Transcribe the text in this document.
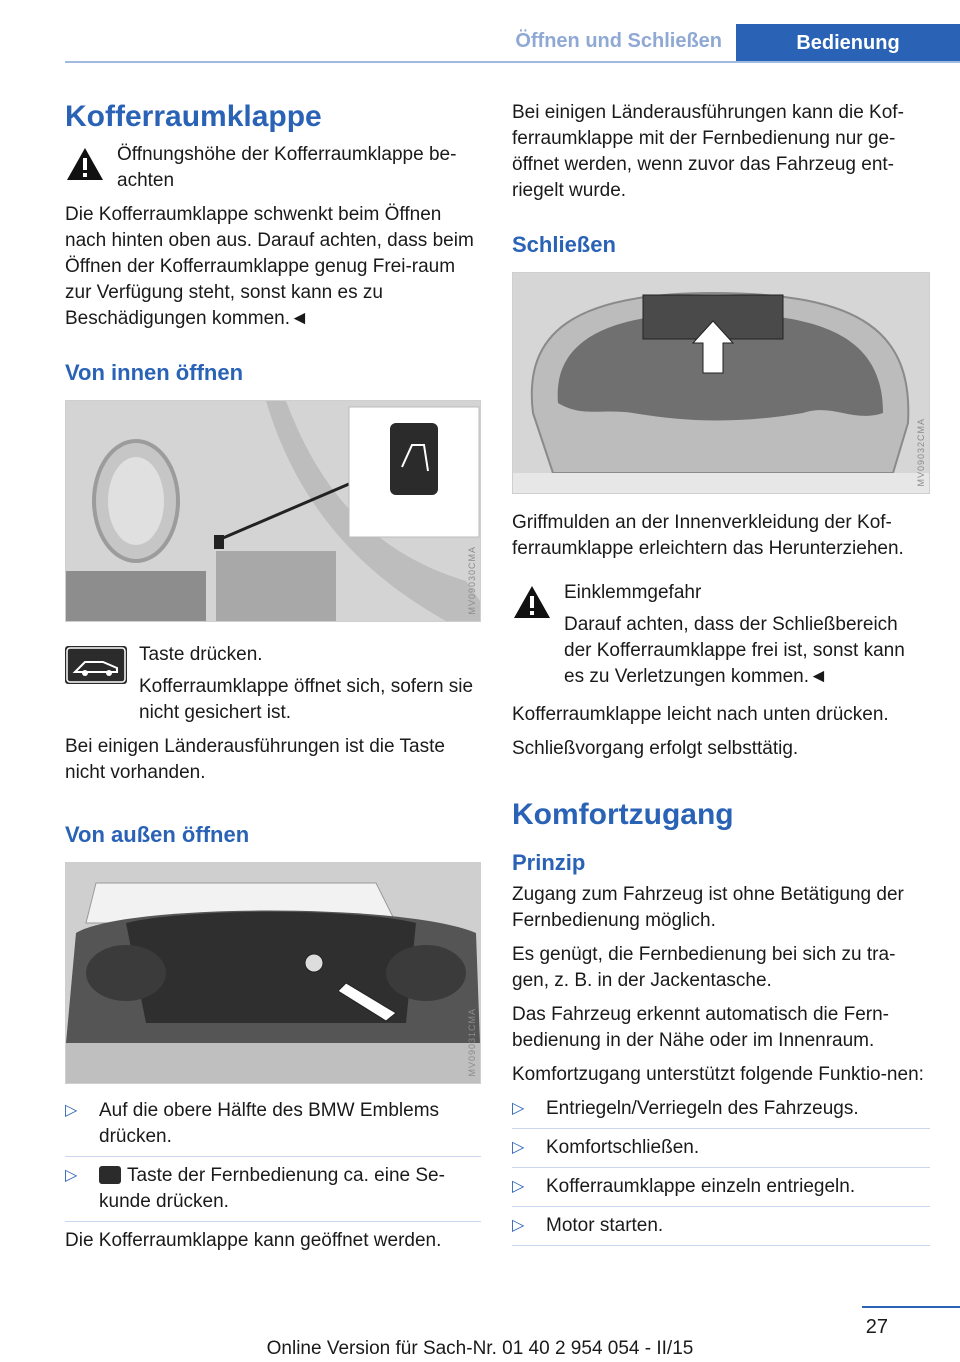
Öffnen und Schließen	Bedienung
Kofferraumklappe

Öffnungshöhe der Kofferraumklappe be-achten

Die Kofferraumklappe schwenkt beim Öffnen nach hinten oben aus. Darauf achten, dass beim Öffnen der Kofferraumklappe genug Frei-raum zur Verfügung steht, sonst kann es zu Beschädigungen kommen.◄

Von innen öffnen
MV09030CMA

Taste drücken.

Kofferraumklappe öffnet sich, sofern sie nicht gesichert ist.

Bei einigen Länderausführungen ist die Taste nicht vorhanden.

Von außen öffnen
MV09031CMA
▷ Auf die obere Hälfte des BMW Emblems drücken.
▷	Taste der Fernbedienung ca. eine Se-kunde drücken.

Die Kofferraumklappe kann geöffnet werden.

Bei einigen Länderausführungen kann die Kof-ferraumklappe mit der Fernbedienung nur ge-öffnet werden, wenn zuvor das Fahrzeug ent-riegelt wurde.

Schließen
MV09032CMA

Griffmulden an der Innenverkleidung der Kof-ferraumklappe erleichtern das Herunterziehen.

Einklemmgefahr

Darauf achten, dass der Schließbereich der Kofferraumklappe frei ist, sonst kann es zu Verletzungen kommen.◄

Kofferraumklappe leicht nach unten drücken.

Schließvorgang erfolgt selbsttätig.

Komfortzugang
Prinzip

Zugang zum Fahrzeug ist ohne Betätigung der Fernbedienung möglich.

Es genügt, die Fernbedienung bei sich zu tra-gen, z. B. in der Jackentasche.

Das Fahrzeug erkennt automatisch die Fern-bedienung in der Nähe oder im Innenraum.

Komfortzugang unterstützt folgende Funktio-nen:

▷ Entriegeln/Verriegeln des Fahrzeugs.
▷ Komfortschließen.
▷ Kofferraumklappe einzeln entriegeln.
▷ Motor starten.
27
Online Version für Sach-Nr. 01 40 2 954 054 - II/15
